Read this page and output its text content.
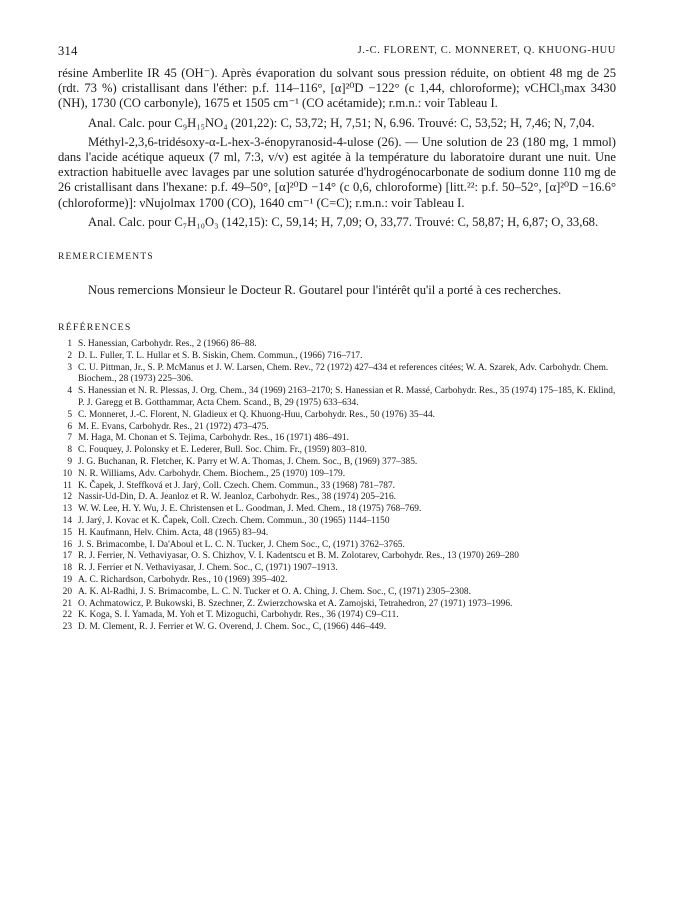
314	J.-C. FLORENT, C. MONNERET, Q. KHUONG-HUU

résine Amberlite IR 45 (OH⁻). Après évaporation du solvant sous pression réduite, on obtient 48 mg de 25 (rdt. 73 %) cristallisant dans l'éther: p.f. 114–116°, [α]²⁰D −122° (c 1,44, chloroforme); νCHCl₃max 3430 (NH), 1730 (CO carbonyle), 1675 et 1505 cm⁻¹ (CO acétamide); r.m.n.: voir Tableau I.

Anal. Calc. pour C₉H₁₅NO₄ (201,22): C, 53,72; H, 7,51; N, 6.96. Trouvé: C, 53,52; H, 7,46; N, 7,04.

Méthyl-2,3,6-tridésoxy-α-L-hex-3-énopyranosid-4-ulose (26). — Une solution de 23 (180 mg, 1 mmol) dans l'acide acétique aqueux (7 ml, 7:3, v/v) est agitée à la température du laboratoire durant une nuit. Une extraction habituelle avec lavages par une solution saturée d'hydrogénocarbonate de sodium donne 110 mg de 26 cristallisant dans l'hexane: p.f. 49–50°, [α]²⁰D −14° (c 0,6, chloroforme) [litt.²²: p.f. 50–52°, [α]²⁰D −16.6° (chloroforme)]: νNujolmax 1700 (CO), 1640 cm⁻¹ (C=C); r.m.n.: voir Tableau I.

Anal. Calc. pour C₇H₁₀O₃ (142,15): C, 59,14; H, 7,09; O, 33,77. Trouvé: C, 58,87; H, 6,87; O, 33,68.

REMERCIEMENTS

Nous remercions Monsieur le Docteur R. Goutarel pour l'intérêt qu'il a porté à ces recherches.

RÉFÉRENCES
1 S. Hanessian, Carbohydr. Res., 2 (1966) 86–88.
2 D. L. Fuller, T. L. Hullar et S. B. Siskin, Chem. Commun., (1966) 716–717.
3 C. U. Pittman, Jr., S. P. McManus et J. W. Larsen, Chem. Rev., 72 (1972) 427–434 et references citées; W. A. Szarek, Adv. Carbohydr. Chem. Biochem., 28 (1973) 225–306.
4 S. Hanessian et N. R. Plessas, J. Org. Chem., 34 (1969) 2163–2170; S. Hanessian et R. Massé, Carbohydr. Res., 35 (1974) 175–185, K. Eklind, P. J. Garegg et B. Gotthammar, Acta Chem. Scand., B, 29 (1975) 633–634.
5 C. Monneret, J.-C. Florent, N. Gladieux et Q. Khuong-Huu, Carbohydr. Res., 50 (1976) 35–44.
6 M. E. Evans, Carbohydr. Res., 21 (1972) 473–475.
7 M. Haga, M. Chonan et S. Tejima, Carbohydr. Res., 16 (1971) 486–491.
8 C. Fouquey, J. Polonsky et E. Lederer, Bull. Soc. Chim. Fr., (1959) 803–810.
9 J. G. Buchanan, R. Fletcher, K. Parry et W. A. Thomas, J. Chem. Soc., B, (1969) 377–385.
10 N. R. Williams, Adv. Carbohydr. Chem. Biochem., 25 (1970) 109–179.
11 K. Čapek, J. Steffková et J. Jarý, Coll. Czech. Chem. Commun., 33 (1968) 781–787.
12 Nassir-Ud-Din, D. A. Jeanloz et R. W. Jeanloz, Carbohydr. Res., 38 (1974) 205–216.
13 W. W. Lee, H. Y. Wu, J. E. Christensen et L. Goodman, J. Med. Chem., 18 (1975) 768–769.
14 J. Jarý, J. Kovac et K. Čapek, Coll. Czech. Chem. Commun., 30 (1965) 1144–1150
15 H. Kaufmann, Helv. Chim. Acta, 48 (1965) 83–94.
16 J. S. Brimacombe, I. Da'Aboul et L. C. N. Tucker, J. Chem Soc., C, (1971) 3762–3765.
17 R. J. Ferrier, N. Vethaviyasar, O. S. Chizhov, V. I. Kadentscu et B. M. Zolotarev, Carbohydr. Res., 13 (1970) 269–280
18 R. J. Ferrier et N. Vethaviyasar, J. Chem. Soc., C, (1971) 1907–1913.
19 A. C. Richardson, Carbohydr. Res., 10 (1969) 395–402.
20 A. K. Al-Radhi, J. S. Brimacombe, L. C. N. Tucker et O. A. Ching, J. Chem. Soc., C, (1971) 2305–2308.
21 O. Achmatowicz, P. Bukowski, B. Szechner, Z. Zwierzchowska et A. Zamojski, Tetrahedron, 27 (1971) 1973–1996.
22 K. Koga, S. I. Yamada, M. Yoh et T. Mizoguchi, Carbohydr. Res., 36 (1974) C9–C11.
23 D. M. Clement, R. J. Ferrier et W. G. Overend, J. Chem. Soc., C, (1966) 446–449.
